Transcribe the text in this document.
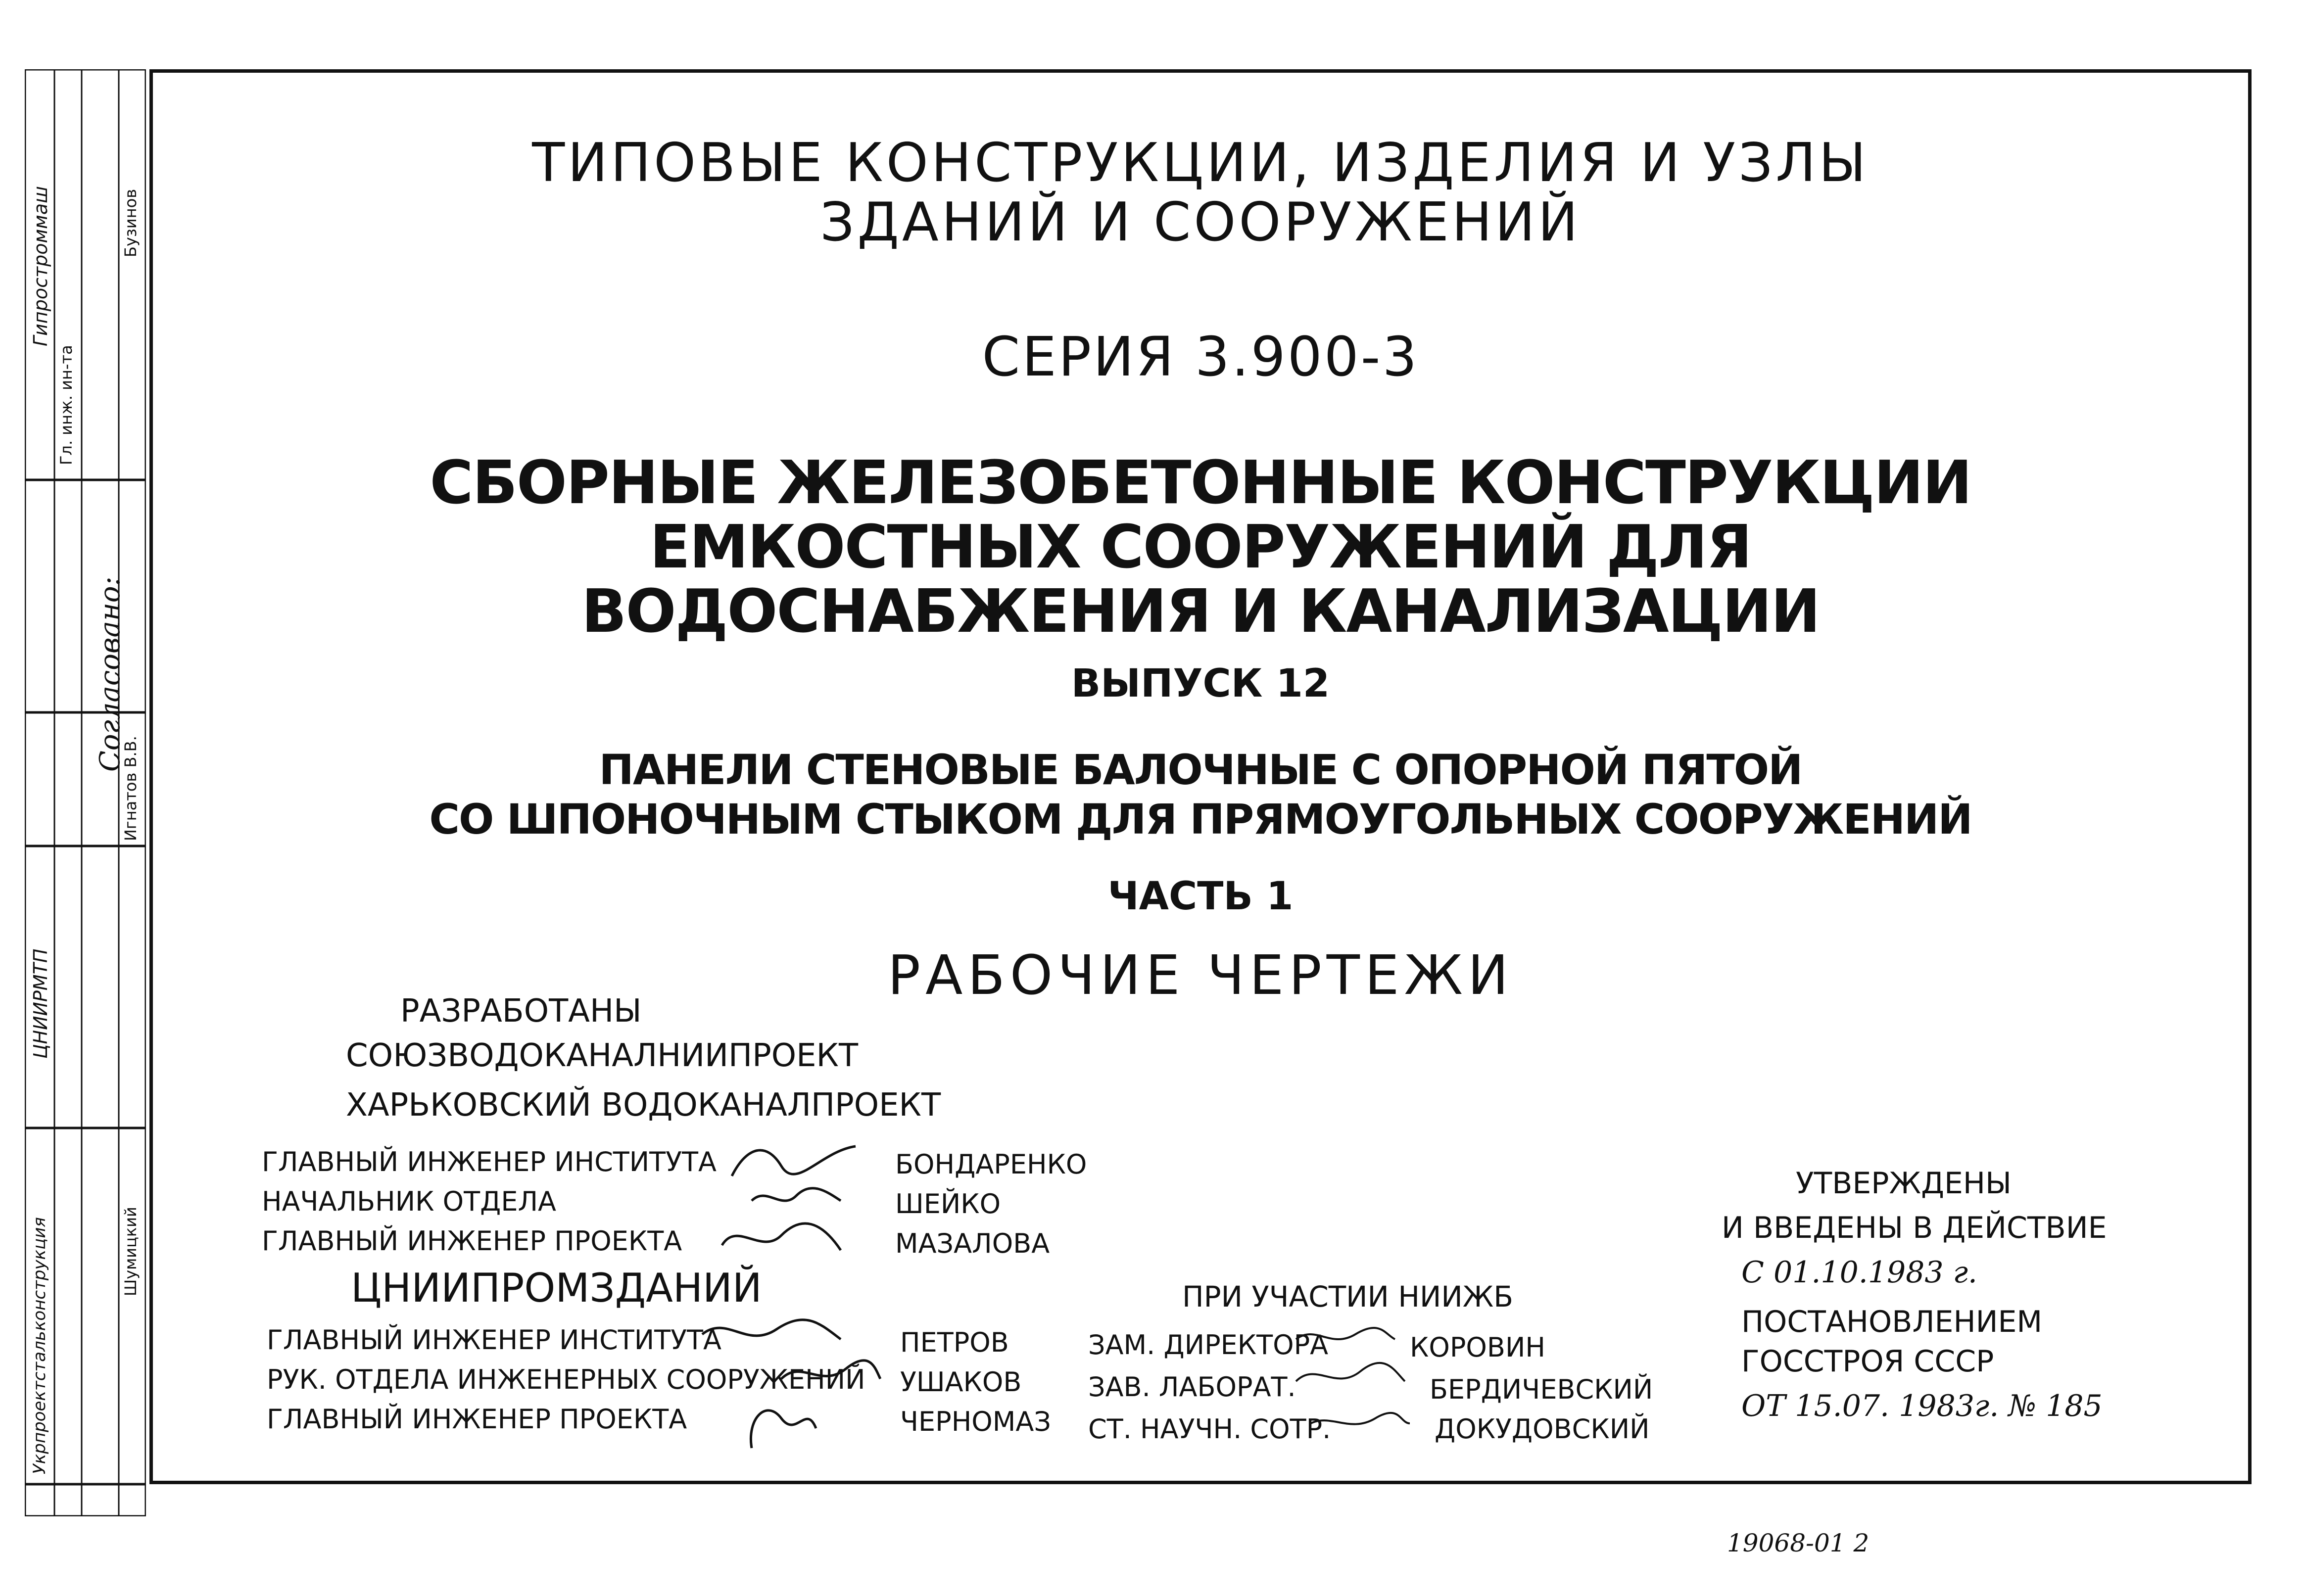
Гипростроммаш
Согласовано:
ЦНИИРМТП
Укрпроектстальконструкция
Гл. инж. ин-та
Бузинов
Игнатов В.В.
Шумицкий
ТИПОВЫЕ КОНСТРУКЦИИ, ИЗДЕЛИЯ И УЗЛЫ
ЗДАНИЙ И СООРУЖЕНИЙ
СЕРИЯ 3.900-3
СБОРНЫЕ ЖЕЛЕЗОБЕТОННЫЕ КОНСТРУКЦИИ
ЕМКОСТНЫХ СООРУЖЕНИЙ ДЛЯ
ВОДОСНАБЖЕНИЯ И КАНАЛИЗАЦИИ
ВЫПУСК 12
ПАНЕЛИ СТЕНОВЫЕ БАЛОЧНЫЕ С ОПОРНОЙ ПЯТОЙ
СО ШПОНОЧНЫМ СТЫКОМ ДЛЯ ПРЯМОУГОЛЬНЫХ СООРУЖЕНИЙ
ЧАСТЬ 1
РАБОЧИЕ ЧЕРТЕЖИ
РАЗРАБОТАНЫ
СОЮЗВОДОКАНАЛНИИПРОЕКТ
ХАРЬКОВСКИЙ ВОДОКАНАЛПРОЕКТ
ГЛАВНЫЙ ИНЖЕНЕР ИНСТИТУТА	БОНДАРЕНКО
НАЧАЛЬНИК ОТДЕЛА	ШЕЙКО
ГЛАВНЫЙ ИНЖЕНЕР ПРОЕКТА	МАЗАЛОВА
ЦНИИПРОМЗДАНИЙ
ГЛАВНЫЙ ИНЖЕНЕР ИНСТИТУТА	ПЕТРОВ
РУК. ОТДЕЛА ИНЖЕНЕРНЫХ СООРУЖЕНИЙ УШАКОВ
ГЛАВНЫЙ ИНЖЕНЕР ПРОЕКТА	ЧЕРНОМАЗ
ПРИ УЧАСТИИ НИИЖБ
ЗАМ. ДИРЕКТОРА	КОРОВИН
ЗАВ. ЛАБОРАТ.	БЕРДИЧЕВСКИЙ
СТ. НАУЧН. СОТР.	ДОКУДОВСКИЙ
УТВЕРЖДЕНЫ
И ВВЕДЕНЫ В ДЕЙСТВИЕ
С 01.10.1983 г.
ПОСТАНОВЛЕНИЕМ
ГОССТРОЯ СССР
ОТ 15.07. 1983г. № 185
19068-01 2
